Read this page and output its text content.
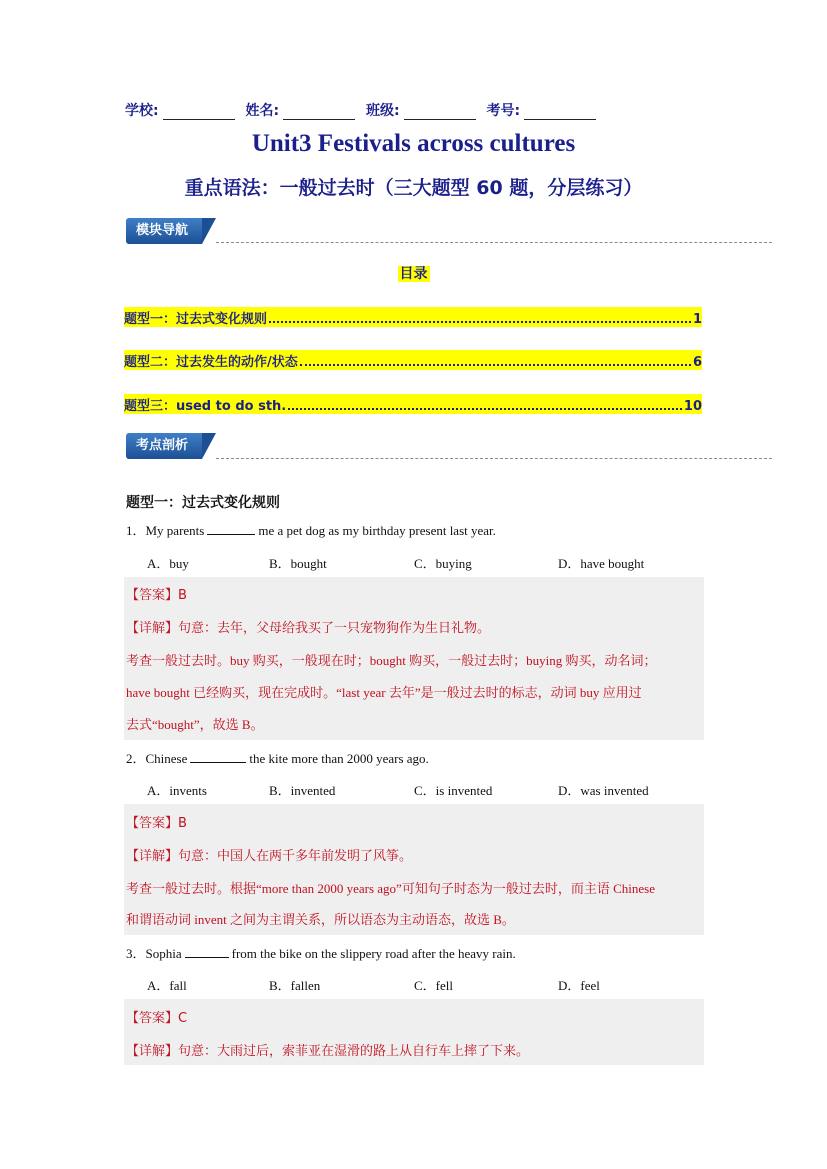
学校:	姓名:	班级:	考号:
Unit3 Festivals across cultures
重点语法：一般过去时（三大题型 60 题，分层练习）
模块导航
目录
题型一：过去式变化规则	1
题型二：过去发生的动作/状态	6
题型三：used to do sth.	10
考点剖析
题型一：过去式变化规则
1．My parents	me a pet dog as my birthday present last year.
A．buy	B．bought	C．buying	D．have bought
【答案】B
【详解】句意：去年，父母给我买了一只宠物狗作为生日礼物。
考查一般过去时。buy 购买，一般现在时；bought 购买，一般过去时；buying 购买，动名词；
have bought 已经购买，现在完成时。“last year 去年”是一般过去时的标志，动词 buy 应用过
去式“bought”，故选 B。
2．Chinese	the kite more than 2000 years ago.
A．invents	B．invented	C．is invented	D．was invented
【答案】B
【详解】句意：中国人在两千多年前发明了风筝。
考查一般过去时。根据“more than 2000 years ago”可知句子时态为一般过去时，而主语 Chinese
和谓语动词 invent 之间为主谓关系，所以语态为主动语态，故选 B。
3．Sophia	from the bike on the slippery road after the heavy rain.
A．fall	B．fallen	C．fell	D．feel
【答案】C
【详解】句意：大雨过后，索菲亚在湿滑的路上从自行车上摔了下来。
